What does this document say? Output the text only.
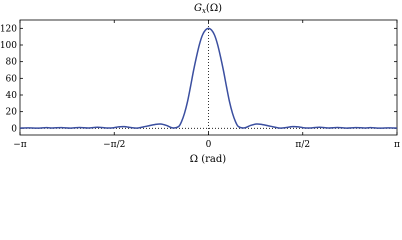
$G_x(\Omega)$
−π	−π/2	0	π/2	π
0
20
40
60
80
100
120
Ω (rad)
